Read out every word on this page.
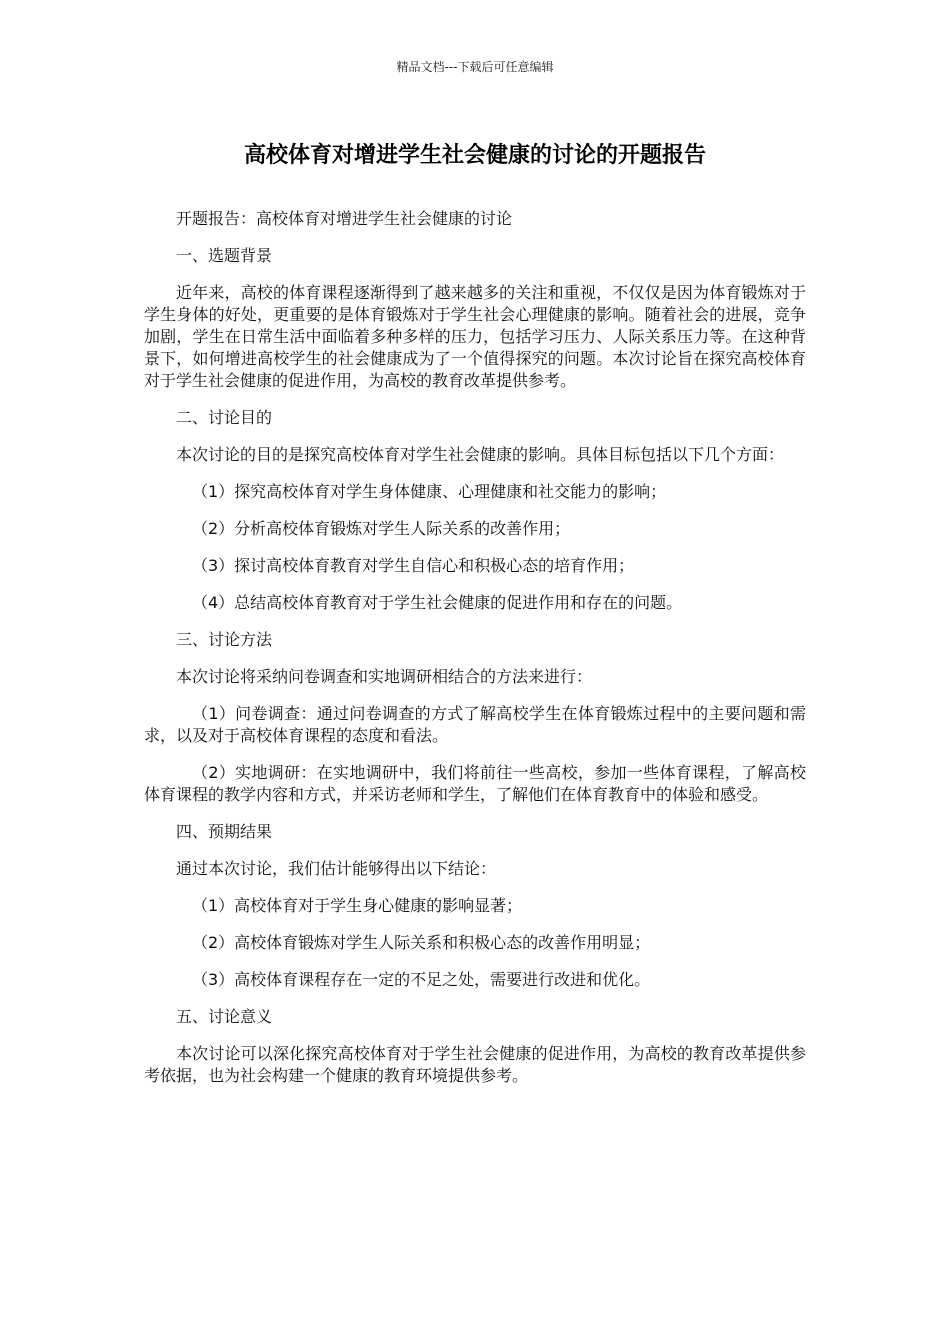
精品文档---下载后可任意编辑
高校体育对增进学生社会健康的讨论的开题报告

开题报告：高校体育对增进学生社会健康的讨论

一、选题背景

近年来，高校的体育课程逐渐得到了越来越多的关注和重视，不仅仅是因为体育锻炼对于学生身体的好处，更重要的是体育锻炼对于学生社会心理健康的影响。随着社会的进展，竞争加剧，学生在日常生活中面临着多种多样的压力，包括学习压力、人际关系压力等。在这种背景下，如何增进高校学生的社会健康成为了一个值得探究的问题。本次讨论旨在探究高校体育对于学生社会健康的促进作用，为高校的教育改革提供参考。

二、讨论目的

本次讨论的目的是探究高校体育对学生社会健康的影响。具体目标包括以下几个方面：

（1）探究高校体育对学生身体健康、心理健康和社交能力的影响；

（2）分析高校体育锻炼对学生人际关系的改善作用；

（3）探讨高校体育教育对学生自信心和积极心态的培育作用；

（4）总结高校体育教育对于学生社会健康的促进作用和存在的问题。

三、讨论方法

本次讨论将采纳问卷调查和实地调研相结合的方法来进行：

（1）问卷调查：通过问卷调查的方式了解高校学生在体育锻炼过程中的主要问题和需求，以及对于高校体育课程的态度和看法。

（2）实地调研：在实地调研中，我们将前往一些高校，参加一些体育课程，了解高校体育课程的教学内容和方式，并采访老师和学生，了解他们在体育教育中的体验和感受。

四、预期结果

通过本次讨论，我们估计能够得出以下结论：

（1）高校体育对于学生身心健康的影响显著；

（2）高校体育锻炼对学生人际关系和积极心态的改善作用明显；

（3）高校体育课程存在一定的不足之处，需要进行改进和优化。

五、讨论意义

本次讨论可以深化探究高校体育对于学生社会健康的促进作用，为高校的教育改革提供参考依据，也为社会构建一个健康的教育环境提供参考。
